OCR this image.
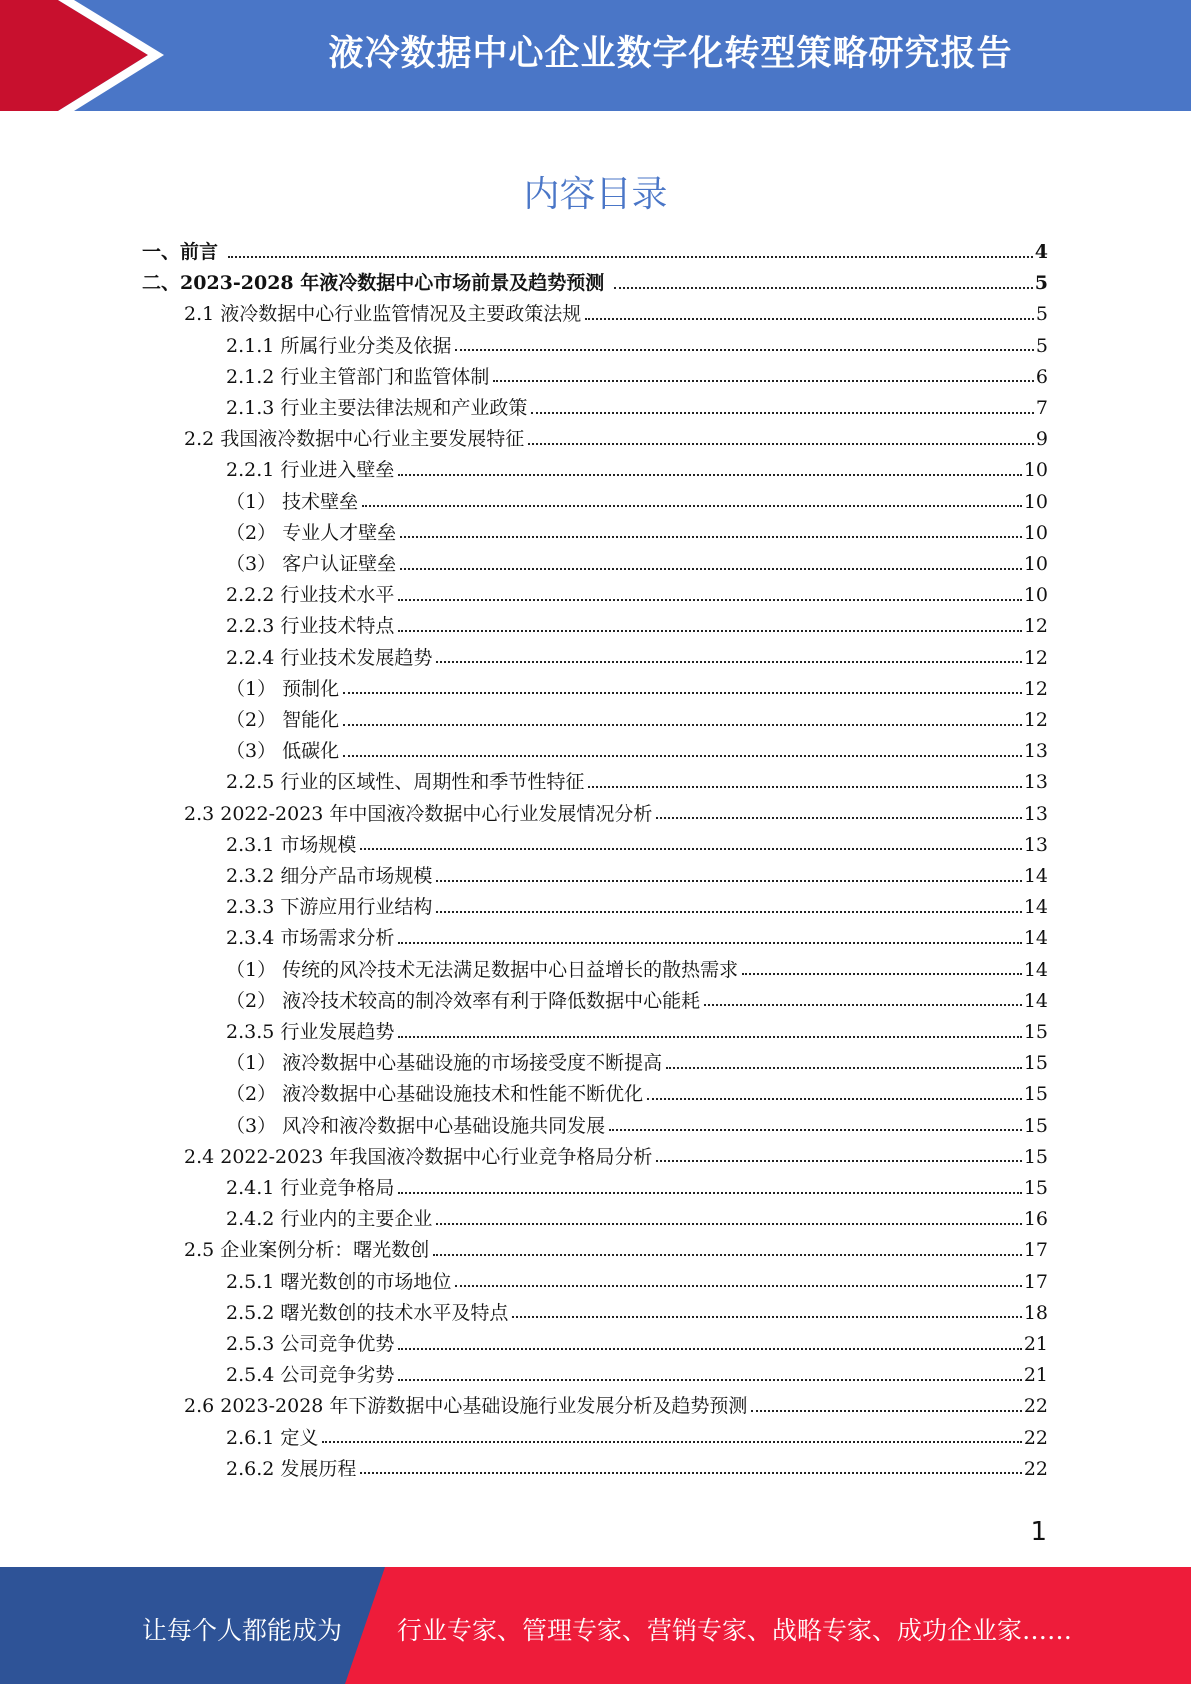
液冷数据中心企业数字化转型策略研究报告
内容目录
一、前言	4
二、2023-2028 年液冷数据中心市场前景及趋势预测	5
2.1 液冷数据中心行业监管情况及主要政策法规	5
2.1.1 所属行业分类及依据	5
2.1.2 行业主管部门和监管体制	6
2.1.3 行业主要法律法规和产业政策	7
2.2 我国液冷数据中心行业主要发展特征	9
2.2.1 行业进入壁垒	10
（1） 技术壁垒	10
（2） 专业人才壁垒	10
（3） 客户认证壁垒	10
2.2.2 行业技术水平	10
2.2.3 行业技术特点	12
2.2.4 行业技术发展趋势	12
（1） 预制化	12
（2） 智能化	12
（3） 低碳化	13
2.2.5 行业的区域性、周期性和季节性特征	13
2.3 2022-2023 年中国液冷数据中心行业发展情况分析	13
2.3.1 市场规模	13
2.3.2 细分产品市场规模	14
2.3.3 下游应用行业结构	14
2.3.4 市场需求分析	14
（1） 传统的风冷技术无法满足数据中心日益增长的散热需求	14
（2） 液冷技术较高的制冷效率有利于降低数据中心能耗	14
2.3.5 行业发展趋势	15
（1） 液冷数据中心基础设施的市场接受度不断提高	15
（2） 液冷数据中心基础设施技术和性能不断优化	15
（3） 风冷和液冷数据中心基础设施共同发展	15
2.4 2022-2023 年我国液冷数据中心行业竞争格局分析	15
2.4.1 行业竞争格局	15
2.4.2 行业内的主要企业	16
2.5 企业案例分析：曙光数创	17
2.5.1 曙光数创的市场地位	17
2.5.2 曙光数创的技术水平及特点	18
2.5.3 公司竞争优势	21
2.5.4 公司竞争劣势	21
2.6 2023-2028 年下游数据中心基础设施行业发展分析及趋势预测	22
2.6.1 定义	22
2.6.2 发展历程	22
1
让每个人都能成为 行业专家、管理专家、营销专家、战略专家、成功企业家……
